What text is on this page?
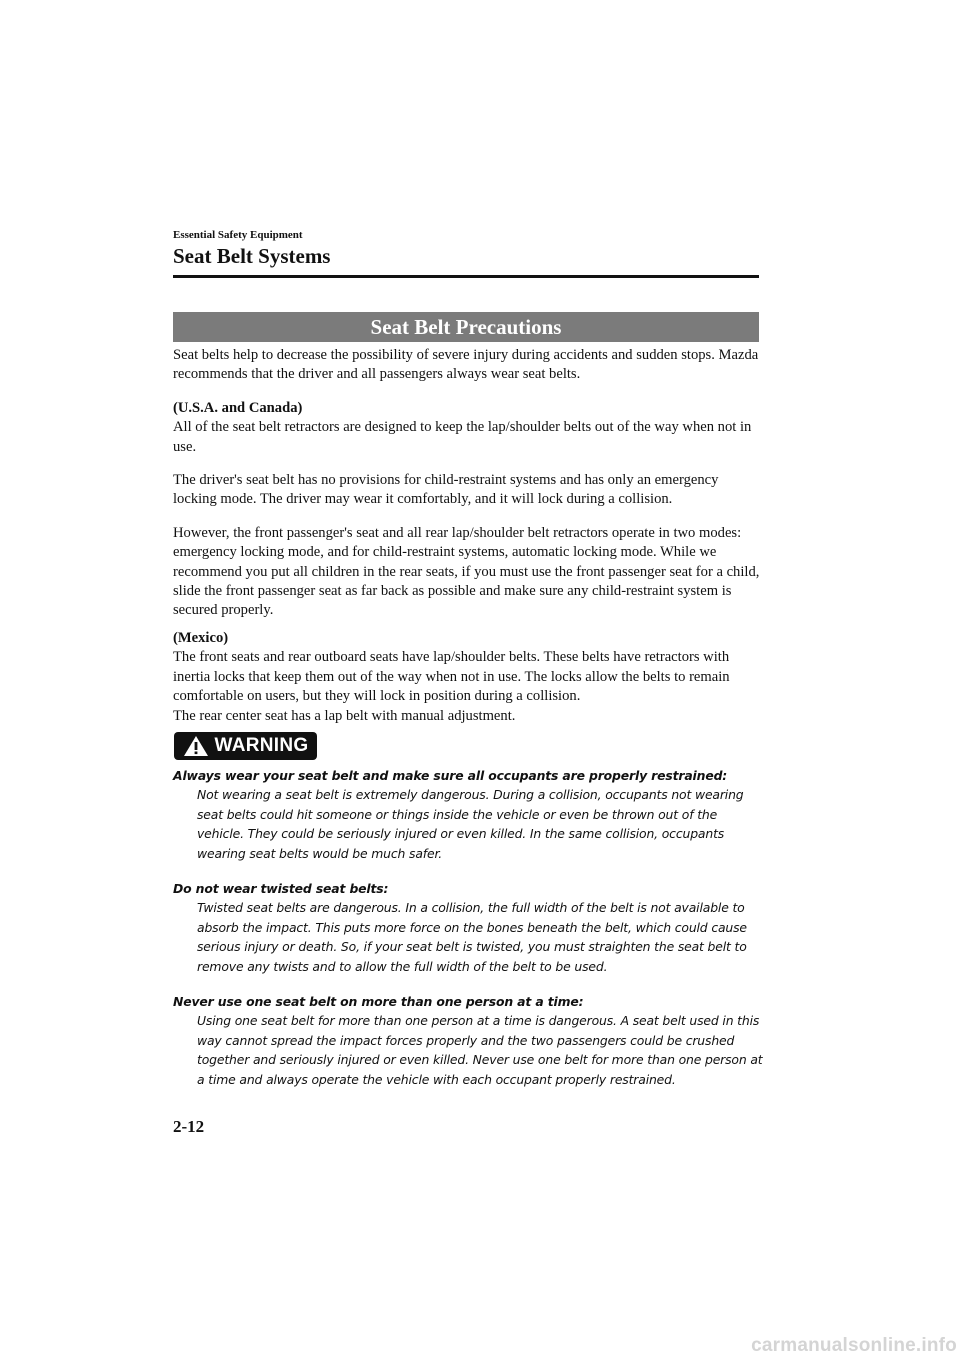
Essential Safety Equipment
Seat Belt Systems
Seat Belt Precautions

Seat belts help to decrease the possibility of severe injury during accidents and sudden stops. Mazda recommends that the driver and all passengers always wear seat belts.

(U.S.A. and Canada)

All of the seat belt retractors are designed to keep the lap/shoulder belts out of the way when not in use.

The driver's seat belt has no provisions for child-restraint systems and has only an emergency locking mode. The driver may wear it comfortably, and it will lock during a collision.

However, the front passenger's seat and all rear lap/shoulder belt retractors operate in two modes: emergency locking mode, and for child-restraint systems, automatic locking mode. While we recommend you put all children in the rear seats, if you must use the front passenger seat for a child, slide the front passenger seat as far back as possible and make sure any child-restraint system is secured properly.

(Mexico)

The front seats and rear outboard seats have lap/shoulder belts. These belts have retractors with inertia locks that keep them out of the way when not in use. The locks allow the belts to remain comfortable on users, but they will lock in position during a collision.

The rear center seat has a lap belt with manual adjustment.

WARNING

Always wear your seat belt and make sure all occupants are properly restrained:

Not wearing a seat belt is extremely dangerous. During a collision, occupants not wearing seat belts could hit someone or things inside the vehicle or even be thrown out of the vehicle. They could be seriously injured or even killed. In the same collision, occupants wearing seat belts would be much safer.

Do not wear twisted seat belts:

Twisted seat belts are dangerous. In a collision, the full width of the belt is not available to absorb the impact. This puts more force on the bones beneath the belt, which could cause serious injury or death. So, if your seat belt is twisted, you must straighten the seat belt to remove any twists and to allow the full width of the belt to be used.

Never use one seat belt on more than one person at a time:

Using one seat belt for more than one person at a time is dangerous. A seat belt used in this way cannot spread the impact forces properly and the two passengers could be crushed together and seriously injured or even killed. Never use one belt for more than one person at a time and always operate the vehicle with each occupant properly restrained.

2-12
carmanualsonline.info
